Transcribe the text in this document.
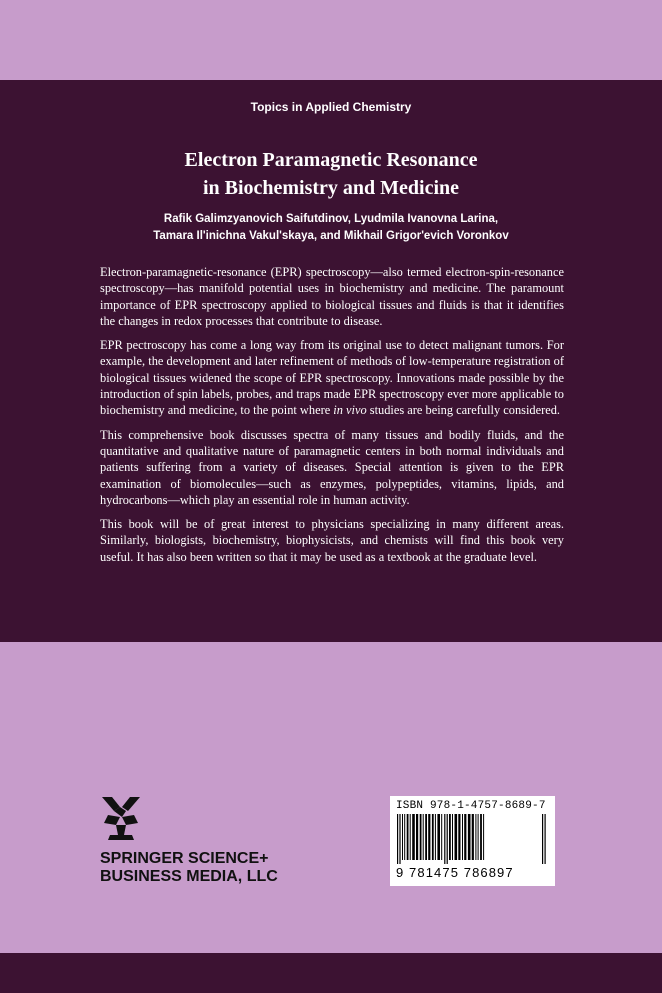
Topics in Applied Chemistry
Electron Paramagnetic Resonance
in Biochemistry and Medicine
Rafik Galimzyanovich Saifutdinov, Lyudmila Ivanovna Larina,
Tamara Il'inichna Vakul'skaya, and Mikhail Grigor'evich Voronkov

Electron-paramagnetic-resonance (EPR) spectroscopy—also termed electron-spin-resonance spectroscopy—has manifold potential uses in biochemistry and medicine. The paramount importance of EPR spectroscopy applied to biological tissues and fluids is that it identifies the changes in redox processes that contribute to disease.

EPR pectroscopy has come a long way from its original use to detect malignant tumors. For example, the development and later refinement of methods of low-temperature registration of biological tissues widened the scope of EPR spectroscopy. Innovations made possible by the introduction of spin labels, probes, and traps made EPR spectroscopy ever more applicable to biochemistry and medicine, to the point where in vivo studies are being carefully considered.

This comprehensive book discusses spectra of many tissues and bodily fluids, and the quantitative and qualitative nature of paramagnetic centers in both normal individuals and patients suffering from a variety of diseases. Special attention is given to the EPR examination of biomolecules—such as enzymes, polypeptides, vitamins, lipids, and hydrocarbons—which play an essential role in human activity.

This book will be of great interest to physicians specializing in many different areas. Similarly, biologists, biochemistry, biophysicists, and chemists will find this book very useful. It has also been written so that it may be used as a textbook at the graduate level.

SPRINGER SCIENCE+
BUSINESS MEDIA, LLC
ISBN 978-1-4757-8689-7
9 781475 786897
